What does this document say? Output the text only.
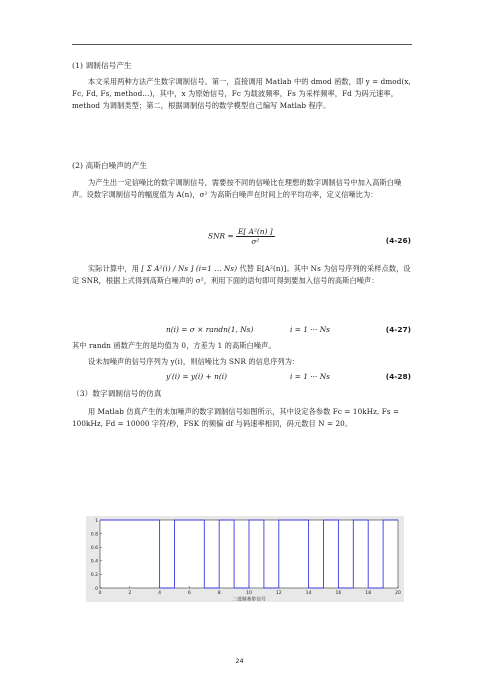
(1) 调制信号产生
本文采用两种方法产生数字调制信号。第一，直接调用 Matlab 中的 dmod 函数，即 y = dmod(x, Fc, Fd, Fs, method...)，其中，x 为原始信号，Fc 为载波频率，Fs 为采样频率，Fd 为码元速率，method 为调制类型；第二，根据调制信号的数学模型自己编写 Matlab 程序。
(2) 高斯白噪声的产生
为产生出一定信噪比的数字调制信号，需要按不同的信噪比在理想的数字调制信号中加入高斯白噪声。设数字调制信号的幅度值为 A(n)，σ² 为高斯白噪声在时间上的平均功率，定义信噪比为：
SNR = $\frac{\text{E[ A²(n) ]}}{\text{σ²}}$	(4-26)
实际计算中，用 [ Σ A²(i) / Ns ] (i=1 … Ns) 代替 E[A²(n)]。其中 Ns 为信号序列的采样点数，设定 SNR，根据上式得到高斯白噪声的 σ²，利用下面的语句即可得到要加入信号的高斯白噪声：
n(i) = σ × randn(1, Ns)	i = 1 ··· Ns	(4-27)
其中 randn 函数产生的是均值为 0，方差为 1 的高斯白噪声。
设未加噪声的信号序列为 y(i)，则信噪比为 SNR 的信息序列为：
y′(i) = y(i) + n(i)	i = 1 ··· Ns	(4-28)
（3）数字调制信号的仿真
用 Matlab 仿真产生的未加噪声的数字调制信号如图所示，其中设定各参数 Fc = 10kHz, Fs = 100kHz, Fd = 10000 字符/秒，FSK 的频偏 df 与码速率相同，码元数目 N = 20。
0
0.2
0.4
0.6
0.8
1
0	2	4	6	8	10	12	14	16	18	20
二进制基带信号
24
